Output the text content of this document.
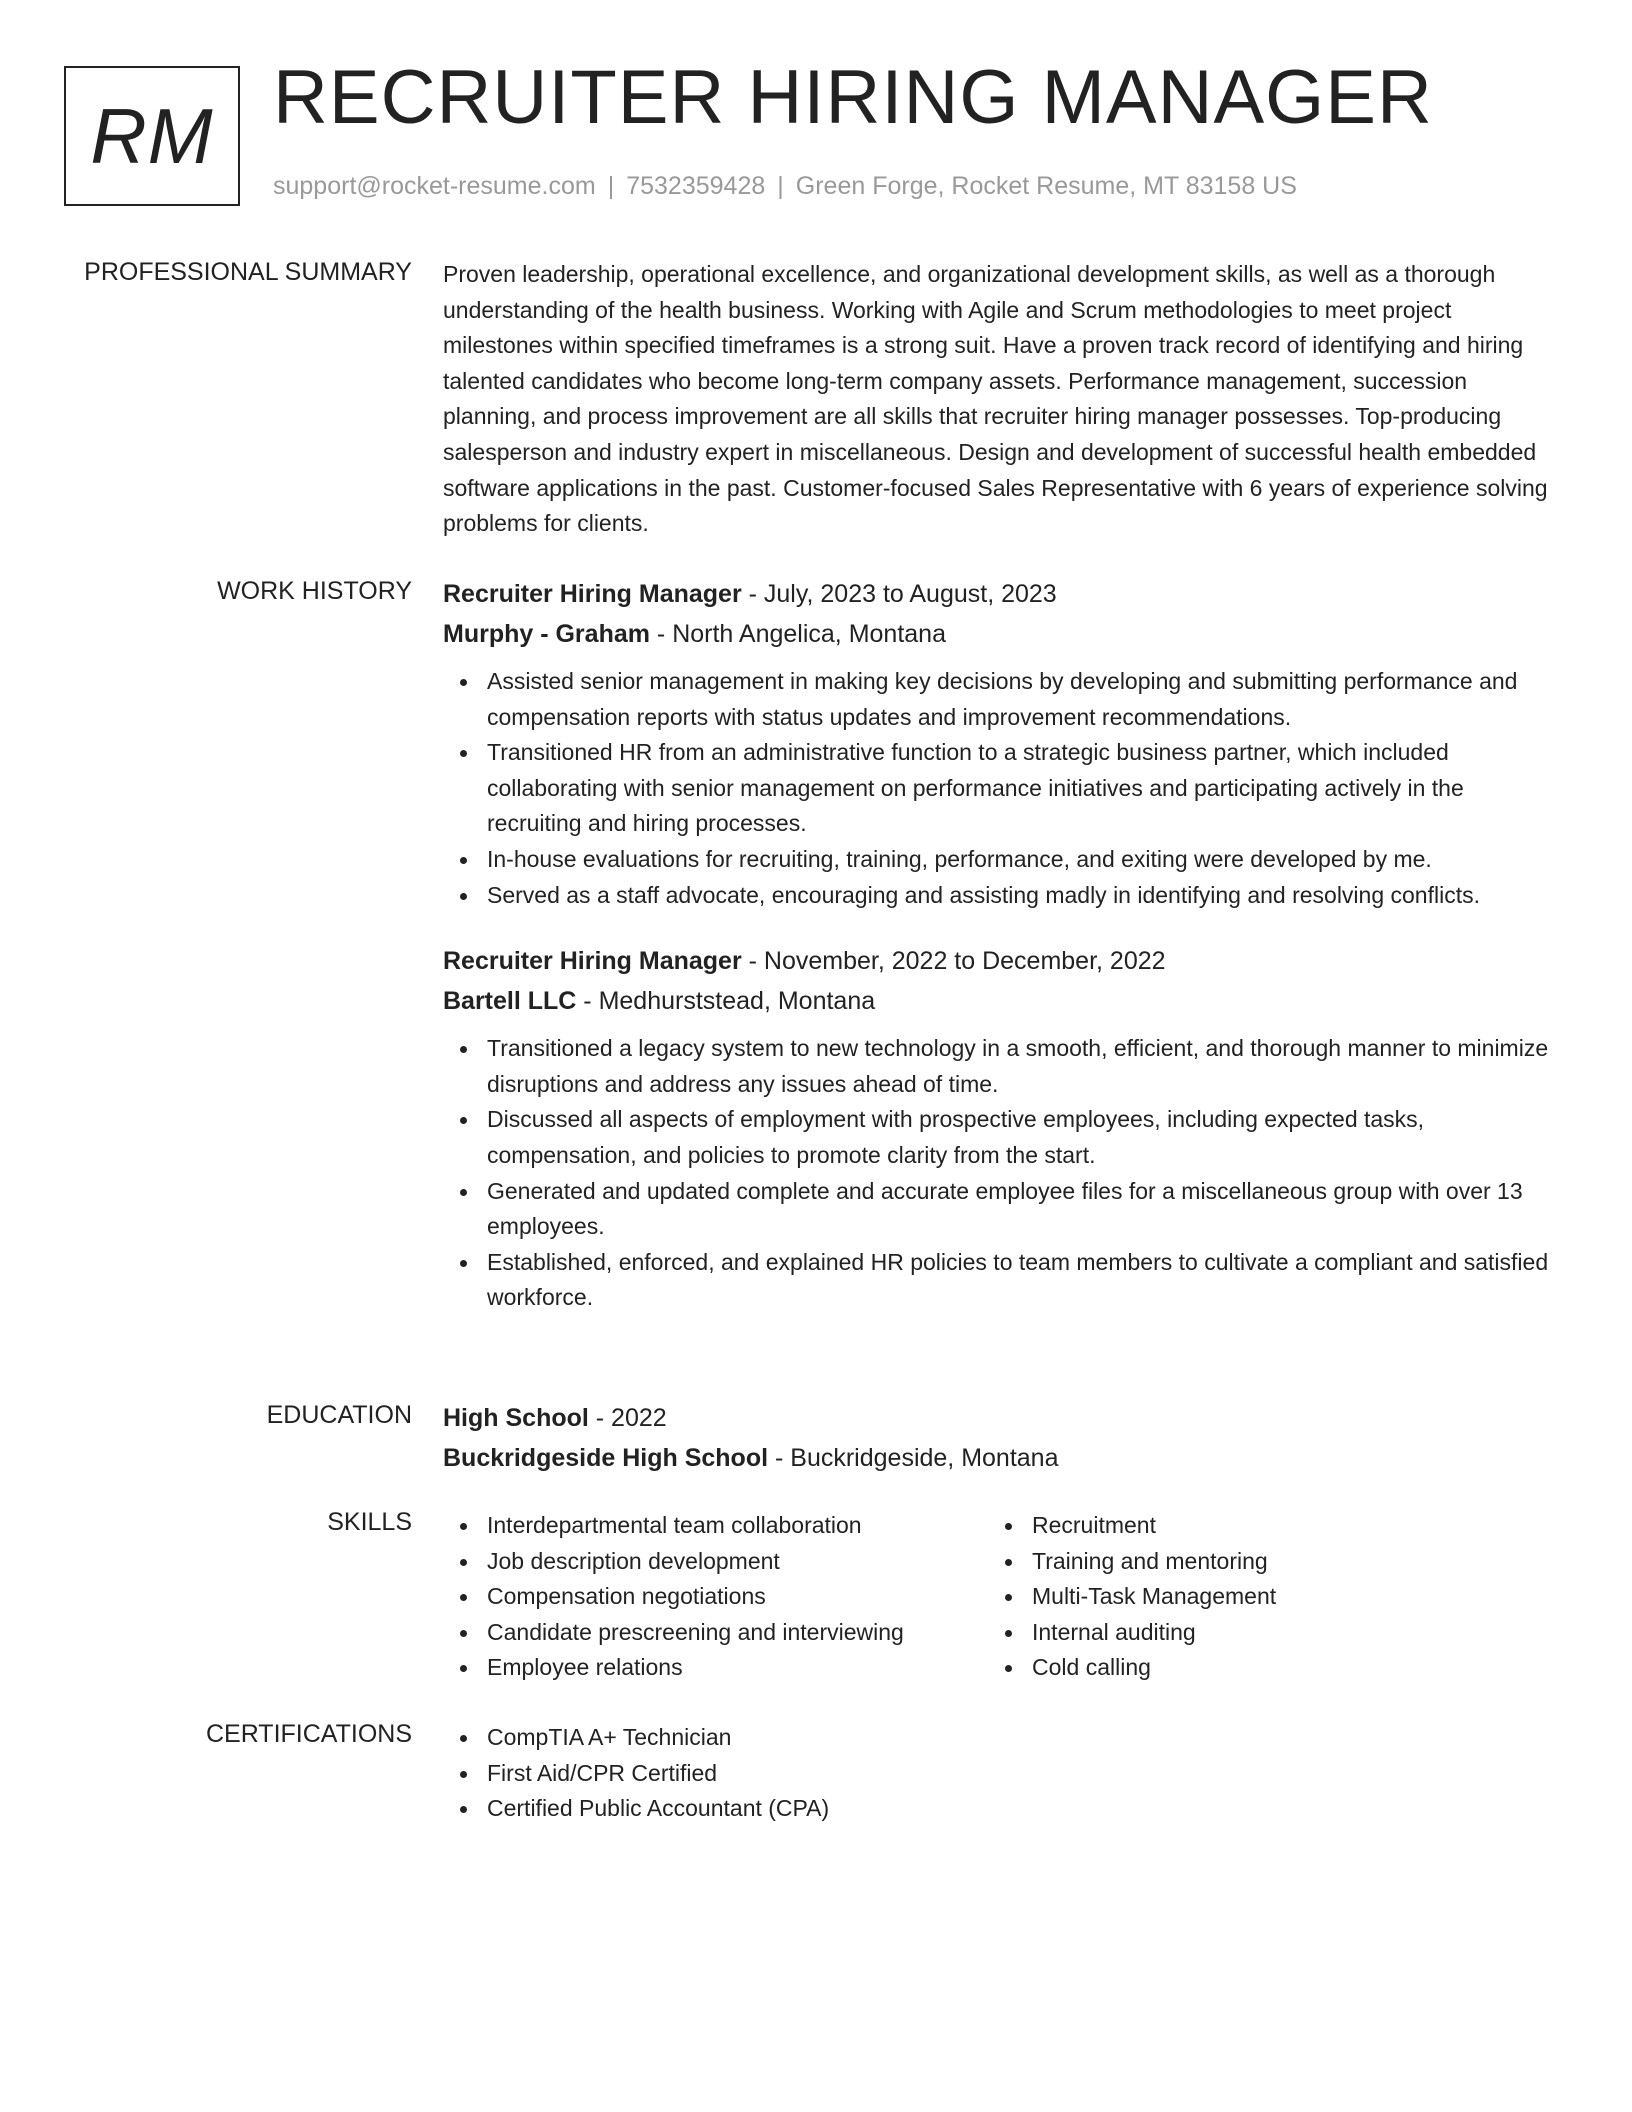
RM RECRUITER HIRING MANAGER
support@rocket-resume.com | 7532359428 | Green Forge, Rocket Resume, MT 83158 US
PROFESSIONAL SUMMARY Proven leadership, operational excellence, and organizational development skills, as well as a thorough understanding of the health business. Working with Agile and Scrum methodologies to meet project milestones within specified timeframes is a strong suit. Have a proven track record of identifying and hiring talented candidates who become long-term company assets. Performance management, succession planning, and process improvement are all skills that recruiter hiring manager possesses. Top-producing salesperson and industry expert in miscellaneous. Design and development of successful health embedded software applications in the past. Customer-focused Sales Representative with 6 years of experience solving problems for clients.

WORK HISTORY Recruiter Hiring Manager - July, 2023 to August, 2023
Murphy - Graham - North Angelica, Montana
Assisted senior management in making key decisions by developing and submitting performance and compensation reports with status updates and improvement recommendations.
Transitioned HR from an administrative function to a strategic business partner, which included collaborating with senior management on performance initiatives and participating actively in the recruiting and hiring processes.
In-house evaluations for recruiting, training, performance, and exiting were developed by me.
Served as a staff advocate, encouraging and assisting madly in identifying and resolving conflicts.
Recruiter Hiring Manager - November, 2022 to December, 2022
Bartell LLC - Medhurststead, Montana
Transitioned a legacy system to new technology in a smooth, efficient, and thorough manner to minimize disruptions and address any issues ahead of time.
Discussed all aspects of employment with prospective employees, including expected tasks, compensation, and policies to promote clarity from the start.
Generated and updated complete and accurate employee files for a miscellaneous group with over 13 employees.
Established, enforced, and explained HR policies to team members to cultivate a compliant and satisfied workforce.
EDUCATION High School - 2022
Buckridgeside High School - Buckridgeside, Montana
SKILLS	Interdepartmental team collaboration
Job description development
Compensation negotiations
Candidate prescreening and interviewing
Employee relations
Recruitment
Training and mentoring
Multi-Task Management
Internal auditing
Cold calling
CERTIFICATIONS	CompTIA A+ Technician
First Aid/CPR Certified
Certified Public Accountant (CPA)
